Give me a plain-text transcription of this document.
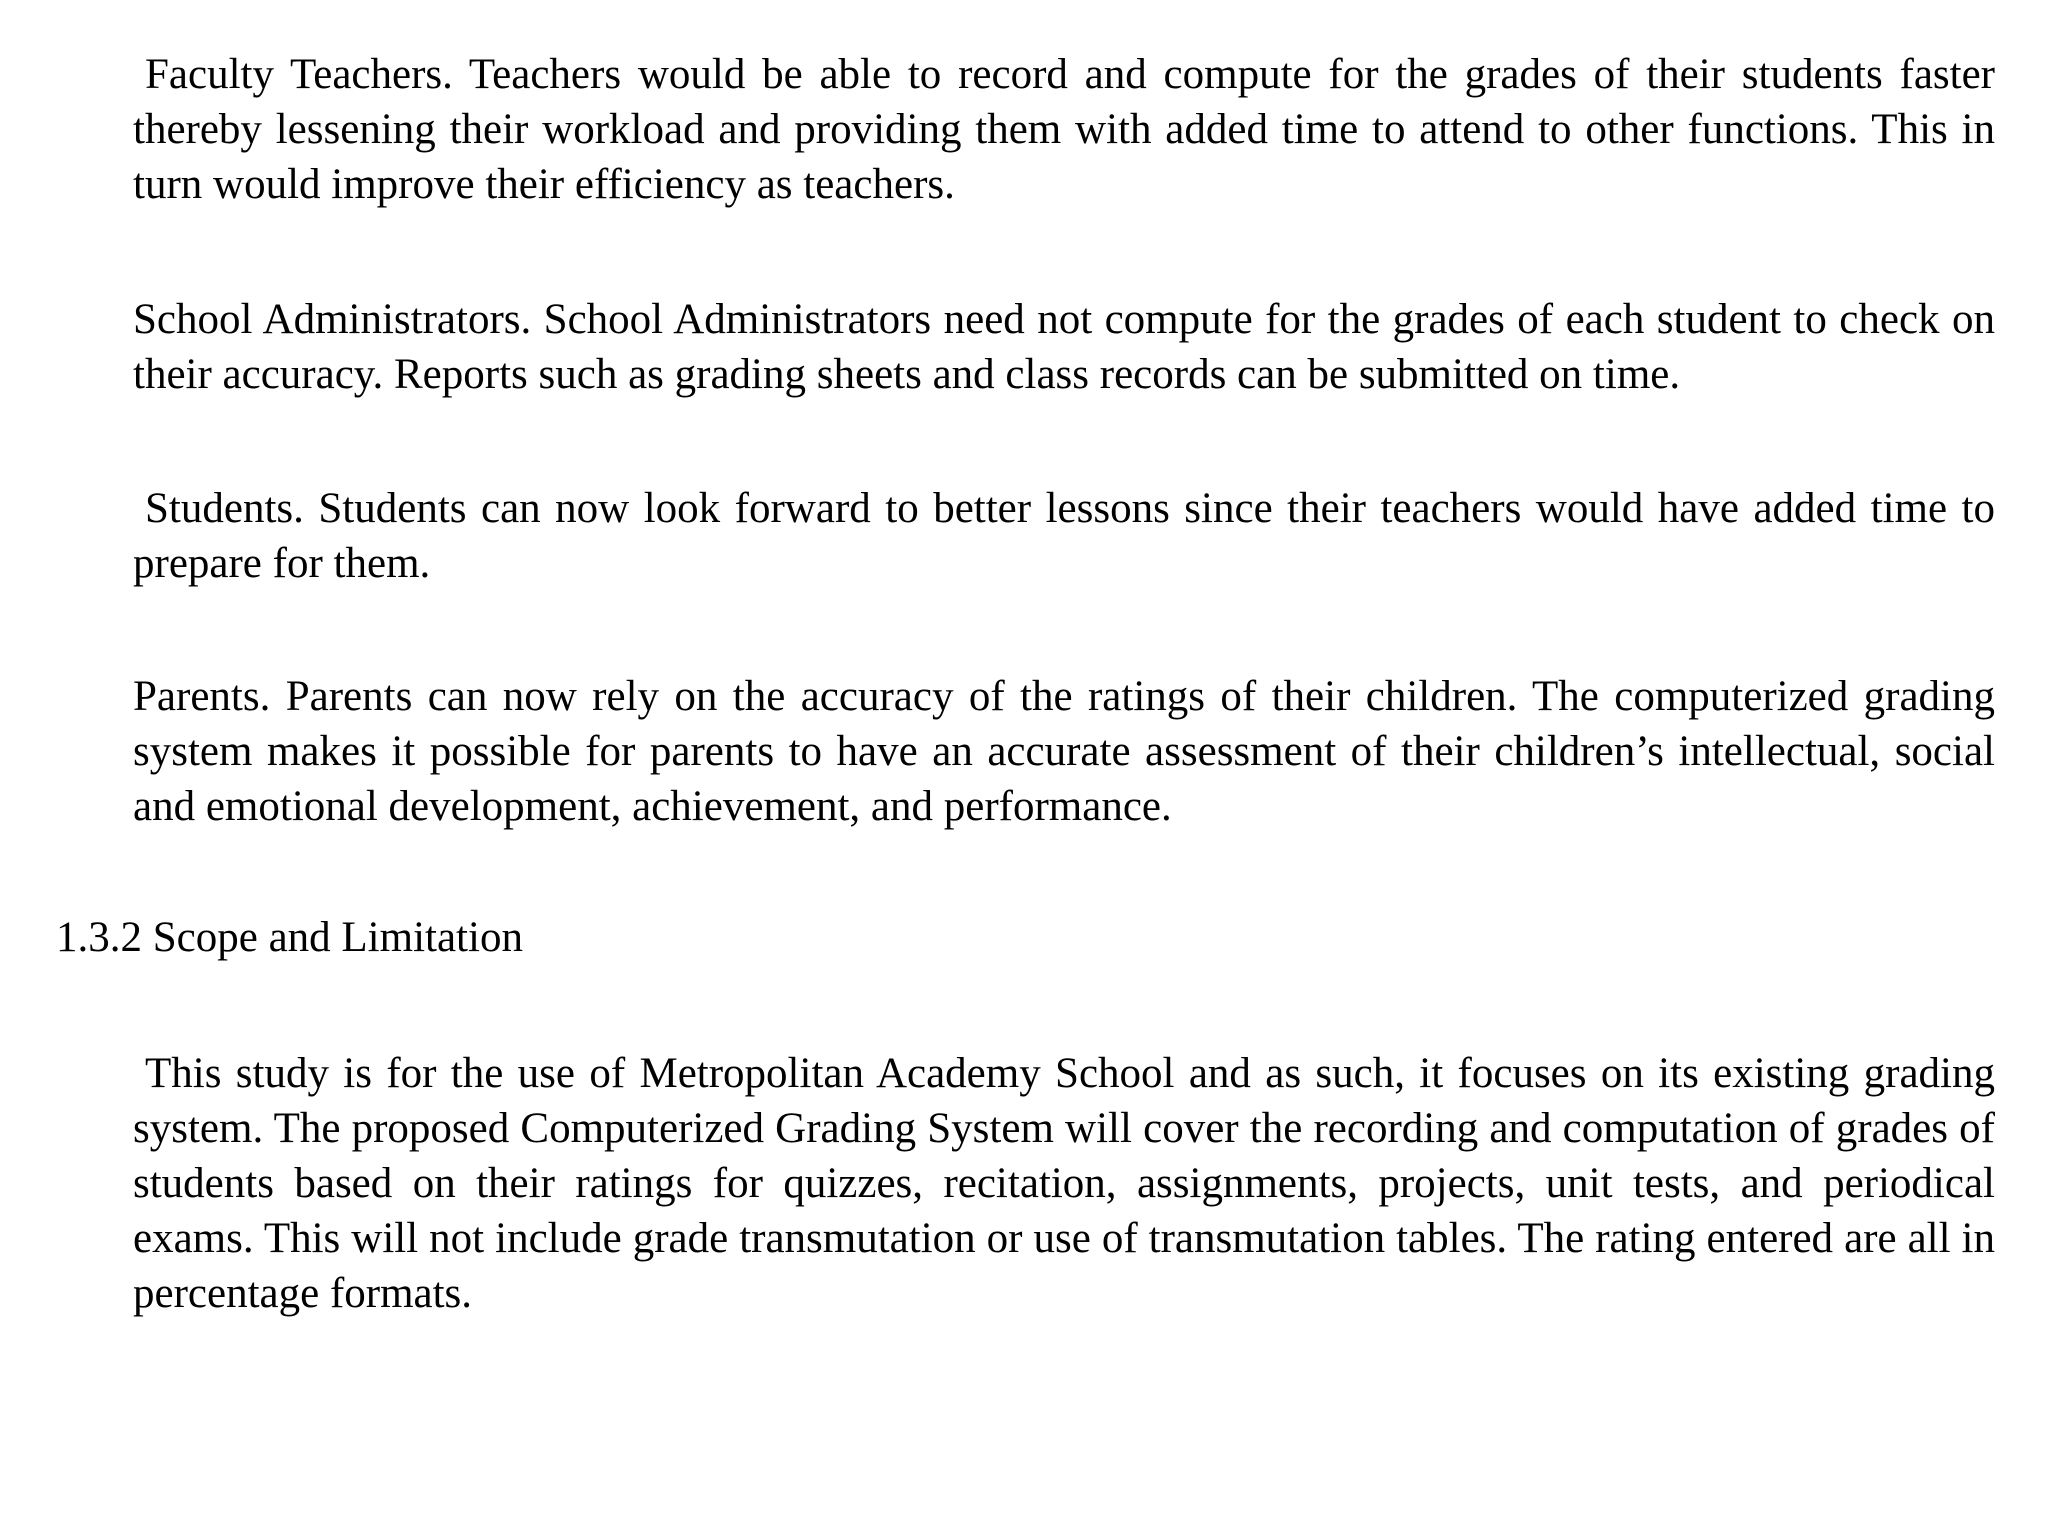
Faculty Teachers. Teachers would be able to record and compute for the grades of their students faster thereby lessening their workload and providing them with added time to attend to other functions. This in turn would improve their efficiency as teachers.

School Administrators. School Administrators need not compute for the grades of each student to check on their accuracy. Reports such as grading sheets and class records can be submitted on time.

Students. Students can now look forward to better lessons since their teachers would have added time to prepare for them.

Parents. Parents can now rely on the accuracy of the ratings of their children. The computerized grading system makes it possible for parents to have an accurate assessment of their children’s intellectual, social and emotional development, achievement, and performance.

1.3.2 Scope and Limitation

This study is for the use of Metropolitan Academy School and as such, it focuses on its existing grading system. The proposed Computerized Grading System will cover the recording and computation of grades of students based on their ratings for quizzes, recitation, assignments, projects, unit tests, and periodical exams. This will not include grade transmutation or use of transmutation tables. The rating entered are all in percentage formats.
